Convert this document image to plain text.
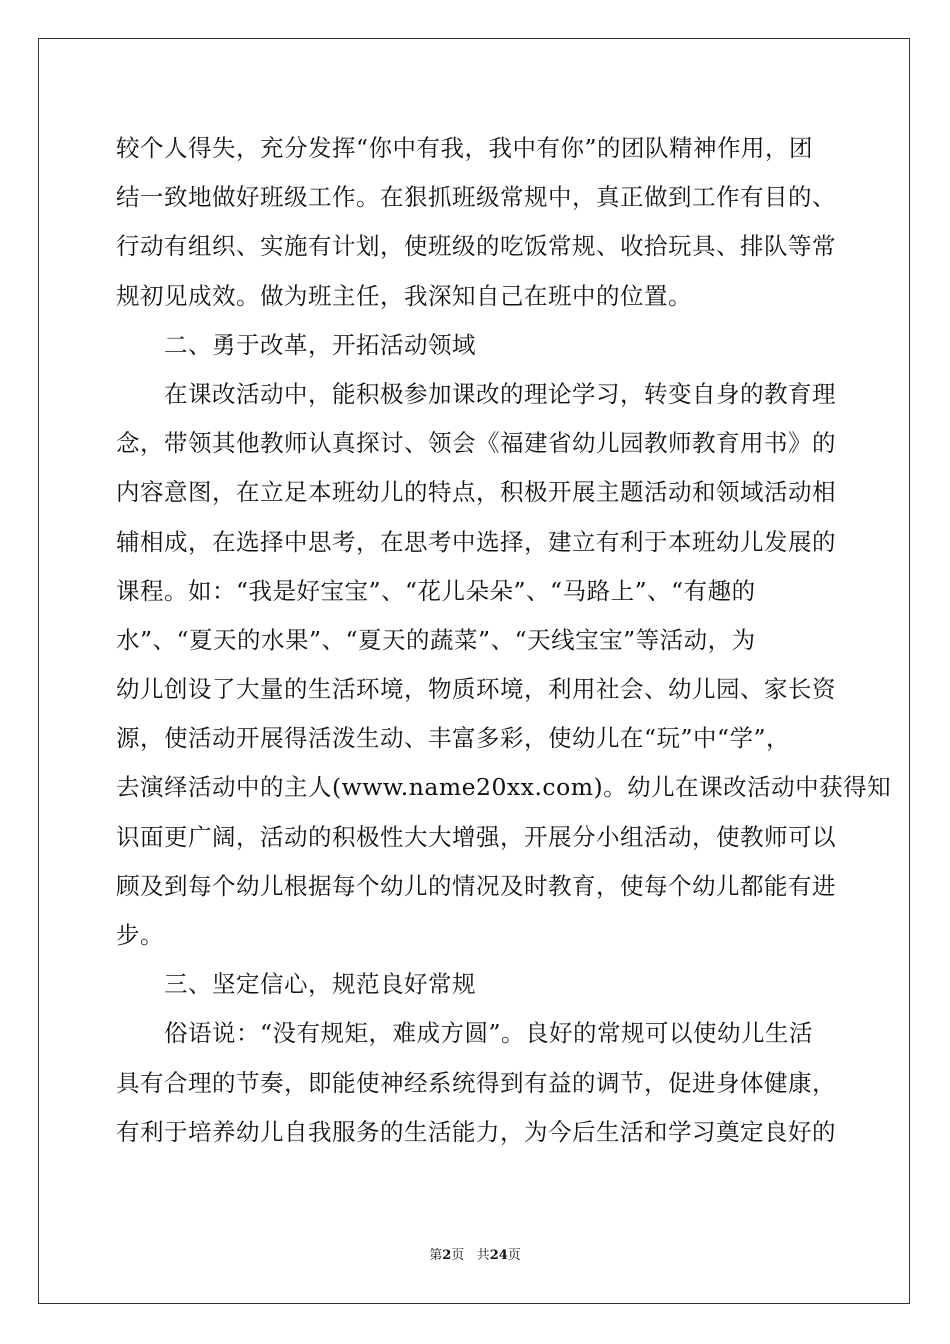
较个人得失，充分发挥“你中有我，我中有你”的团队精神作用，团
结一致地做好班级工作。在狠抓班级常规中，真正做到工作有目的、
行动有组织、实施有计划，使班级的吃饭常规、收拾玩具、排队等常
规初见成效。做为班主任，我深知自己在班中的位置。
二、勇于改革，开拓活动领域
在课改活动中，能积极参加课改的理论学习，转变自身的教育理
念，带领其他教师认真探讨、领会《福建省幼儿园教师教育用书》的
内容意图，在立足本班幼儿的特点，积极开展主题活动和领域活动相
辅相成，在选择中思考，在思考中选择，建立有利于本班幼儿发展的
课程。如：“我是好宝宝”、“花儿朵朵”、“马路上”、“有趣的
水”、“夏天的水果”、“夏天的蔬菜”、“天线宝宝”等活动，为
幼儿创设了大量的生活环境，物质环境，利用社会、幼儿园、家长资
源，使活动开展得活泼生动、丰富多彩，使幼儿在“玩”中“学”，
去演绎活动中的主人(www.name20xx.com)。幼儿在课改活动中获得知
识面更广阔，活动的积极性大大增强，开展分小组活动，使教师可以
顾及到每个幼儿根据每个幼儿的情况及时教育，使每个幼儿都能有进
步。
三、坚定信心，规范良好常规
俗语说：“没有规矩，难成方圆”。良好的常规可以使幼儿生活
具有合理的节奏，即能使神经系统得到有益的调节，促进身体健康，
有利于培养幼儿自我服务的生活能力，为今后生活和学习奠定良好的
第2页 共24页
